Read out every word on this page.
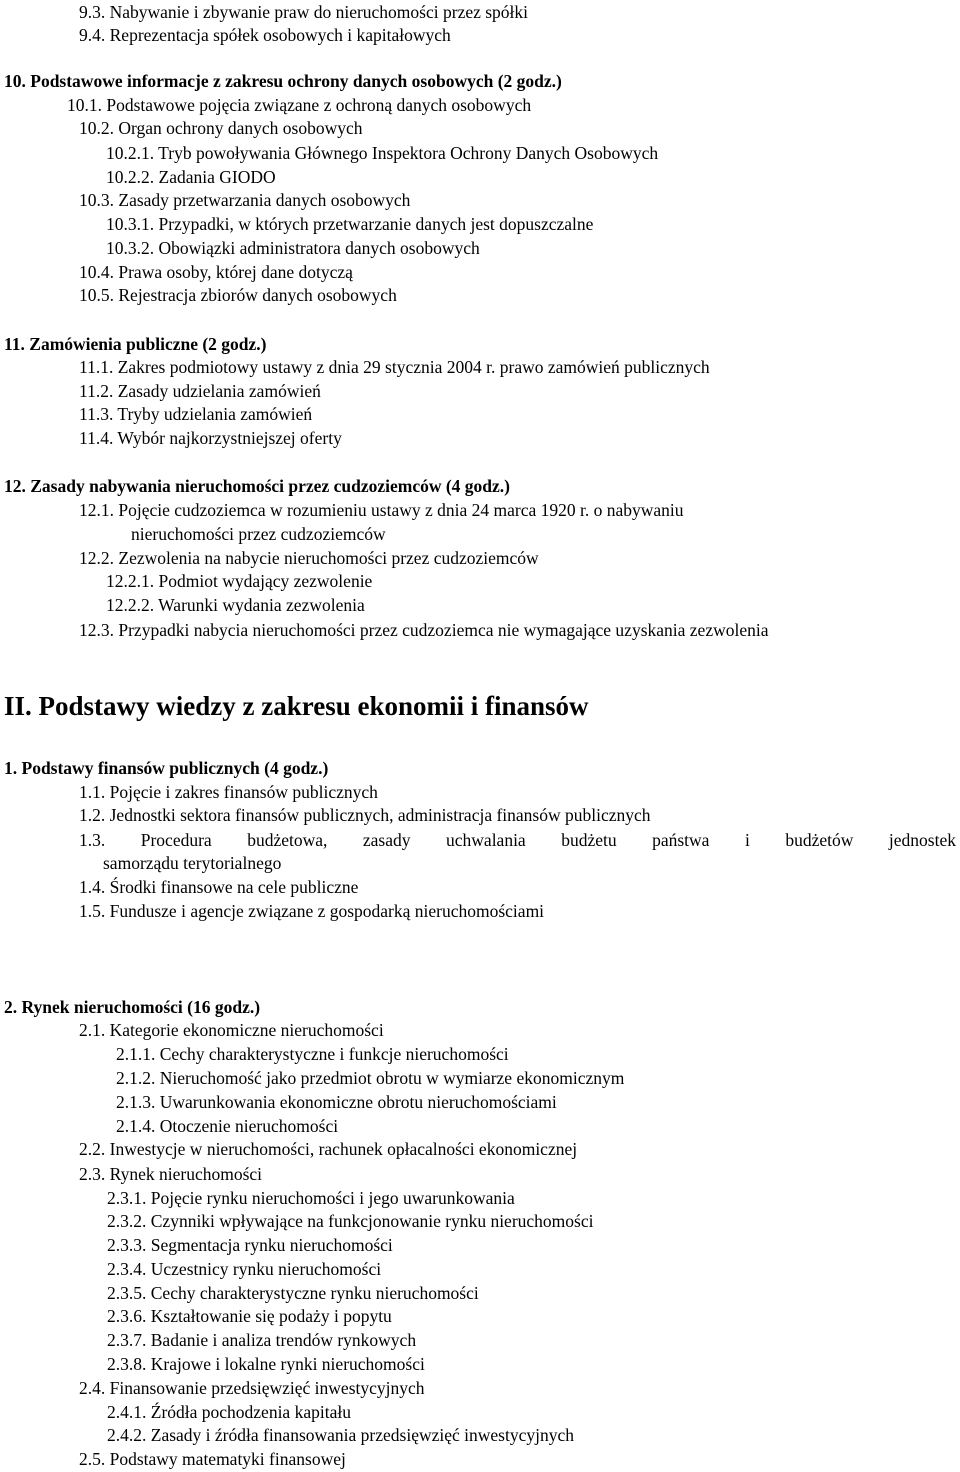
9.3. Nabywanie i zbywanie praw do nieruchomości przez spółki
9.4. Reprezentacja spółek osobowych i kapitałowych
10. Podstawowe informacje z zakresu ochrony danych osobowych (2 godz.)
10.1. Podstawowe pojęcia związane z ochroną danych osobowych
10.2. Organ ochrony danych osobowych
10.2.1. Tryb powoływania Głównego Inspektora Ochrony Danych Osobowych
10.2.2. Zadania GIODO
10.3. Zasady przetwarzania danych osobowych
10.3.1. Przypadki, w których przetwarzanie danych jest dopuszczalne
10.3.2. Obowiązki administratora danych osobowych
10.4. Prawa osoby, której dane dotyczą
10.5. Rejestracja zbiorów danych osobowych
11. Zamówienia publiczne (2 godz.)
11.1. Zakres podmiotowy ustawy z dnia 29 stycznia 2004 r. prawo zamówień publicznych
11.2. Zasady udzielania zamówień
11.3. Tryby udzielania zamówień
11.4. Wybór najkorzystniejszej oferty
12. Zasady nabywania nieruchomości przez cudzoziemców (4 godz.)
12.1. Pojęcie cudzoziemca w rozumieniu ustawy z dnia 24 marca 1920 r. o nabywaniu
nieruchomości przez cudzoziemców
12.2. Zezwolenia na nabycie nieruchomości przez cudzoziemców
12.2.1. Podmiot wydający zezwolenie
12.2.2. Warunki wydania zezwolenia
12.3. Przypadki nabycia nieruchomości przez cudzoziemca nie wymagające uzyskania zezwolenia
II. Podstawy wiedzy z zakresu ekonomii i finansów
1. Podstawy finansów publicznych (4 godz.)
1.1. Pojęcie i zakres finansów publicznych
1.2. Jednostki sektora finansów publicznych, administracja finansów publicznych
1.3. Procedura budżetowa, zasady uchwalania budżetu państwa i budżetów jednostek
samorządu terytorialnego
1.4. Środki finansowe na cele publiczne
1.5. Fundusze i agencje związane z gospodarką nieruchomościami
2. Rynek nieruchomości (16 godz.)
2.1. Kategorie ekonomiczne nieruchomości
2.1.1. Cechy charakterystyczne i funkcje nieruchomości
2.1.2. Nieruchomość jako przedmiot obrotu w wymiarze ekonomicznym
2.1.3. Uwarunkowania ekonomiczne obrotu nieruchomościami
2.1.4. Otoczenie nieruchomości
2.2. Inwestycje w nieruchomości, rachunek opłacalności ekonomicznej
2.3. Rynek nieruchomości
2.3.1. Pojęcie rynku nieruchomości i jego uwarunkowania
2.3.2. Czynniki wpływające na funkcjonowanie rynku nieruchomości
2.3.3. Segmentacja rynku nieruchomości
2.3.4. Uczestnicy rynku nieruchomości
2.3.5. Cechy charakterystyczne rynku nieruchomości
2.3.6. Kształtowanie się podaży i popytu
2.3.7. Badanie i analiza trendów rynkowych
2.3.8. Krajowe i lokalne rynki nieruchomości
2.4. Finansowanie przedsięwzięć inwestycyjnych
2.4.1. Źródła pochodzenia kapitału
2.4.2. Zasady i źródła finansowania przedsięwzięć inwestycyjnych
2.5. Podstawy matematyki finansowej
